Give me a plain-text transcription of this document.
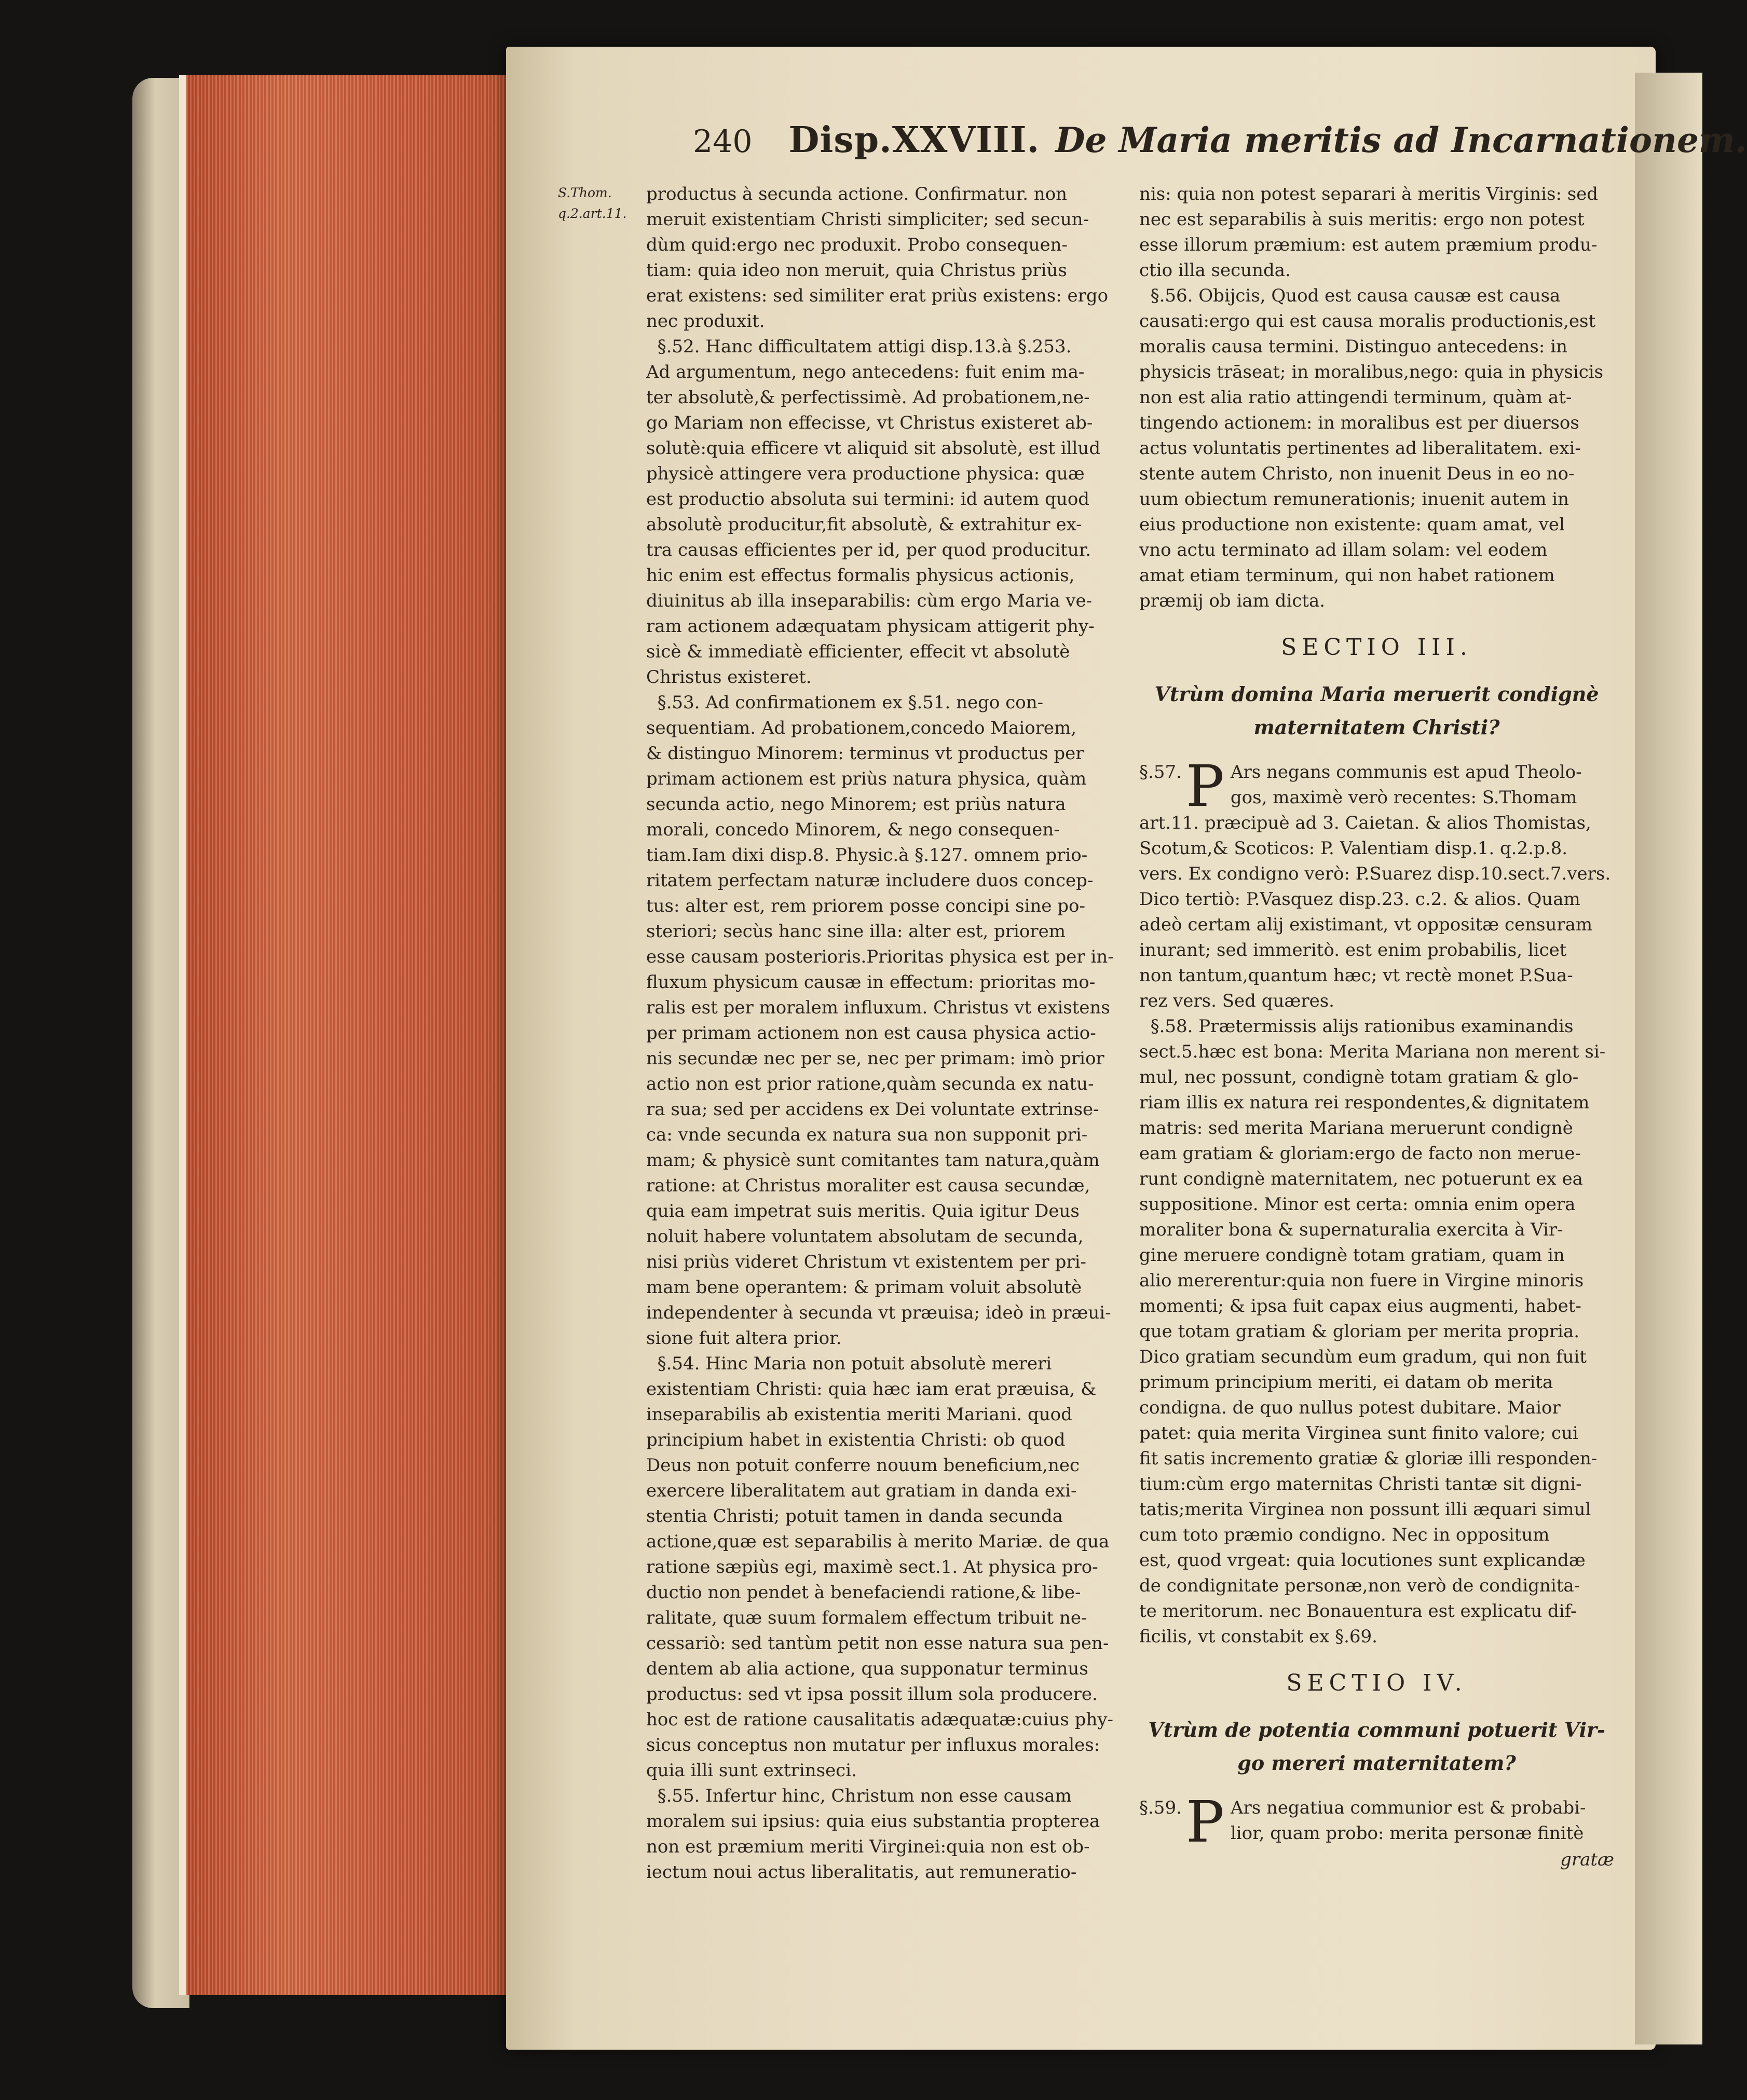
240 Disp.XXVIII. De Maria meritis ad Incarnationem.
S.Thom.
q.2.art.11.
productus à secunda actione. Confirmatur. non
meruit existentiam Christi simpliciter; sed secun-
dùm quid:ergo nec produxit. Probo consequen-
tiam: quia ideo non meruit, quia Christus priùs
erat existens: sed similiter erat priùs existens: ergo
nec produxit.
§.52. Hanc difficultatem attigi disp.13.à §.253.
Ad argumentum, nego antecedens: fuit enim ma-
ter absolutè,& perfectissimè. Ad probationem,ne-
go Mariam non effecisse, vt Christus existeret ab-
solutè:quia efficere vt aliquid sit absolutè, est illud
physicè attingere vera productione physica: quæ
est productio absoluta sui termini: id autem quod
absolutè producitur,fit absolutè, & extrahitur ex-
tra causas efficientes per id, per quod producitur.
hic enim est effectus formalis physicus actionis,
diuinitus ab illa inseparabilis: cùm ergo Maria ve-
ram actionem adæquatam physicam attigerit phy-
sicè & immediatè efficienter, effecit vt absolutè
Christus existeret.
§.53. Ad confirmationem ex §.51. nego con-
sequentiam. Ad probationem,concedo Maiorem,
& distinguo Minorem: terminus vt productus per
primam actionem est priùs natura physica, quàm
secunda actio, nego Minorem; est priùs natura
morali, concedo Minorem, & nego consequen-
tiam.Iam dixi disp.8. Physic.à §.127. omnem prio-
ritatem perfectam naturæ includere duos concep-
tus: alter est, rem priorem posse concipi sine po-
steriori; secùs hanc sine illa: alter est, priorem
esse causam posterioris.Prioritas physica est per in-
fluxum physicum causæ in effectum: prioritas mo-
ralis est per moralem influxum. Christus vt existens
per primam actionem non est causa physica actio-
nis secundæ nec per se, nec per primam: imò prior
actio non est prior ratione,quàm secunda ex natu-
ra sua; sed per accidens ex Dei voluntate extrinse-
ca: vnde secunda ex natura sua non supponit pri-
mam; & physicè sunt comitantes tam natura,quàm
ratione: at Christus moraliter est causa secundæ,
quia eam impetrat suis meritis. Quia igitur Deus
noluit habere voluntatem absolutam de secunda,
nisi priùs videret Christum vt existentem per pri-
mam bene operantem: & primam voluit absolutè
independenter à secunda vt præuisa; ideò in præui-
sione fuit altera prior.
§.54. Hinc Maria non potuit absolutè mereri
existentiam Christi: quia hæc iam erat præuisa, &
inseparabilis ab existentia meriti Mariani. quod
principium habet in existentia Christi: ob quod
Deus non potuit conferre nouum beneficium,nec
exercere liberalitatem aut gratiam in danda exi-
stentia Christi; potuit tamen in danda secunda
actione,quæ est separabilis à merito Mariæ. de qua
ratione sæpiùs egi, maximè sect.1. At physica pro-
ductio non pendet à benefaciendi ratione,& libe-
ralitate, quæ suum formalem effectum tribuit ne-
cessariò: sed tantùm petit non esse natura sua pen-
dentem ab alia actione, qua supponatur terminus
productus: sed vt ipsa possit illum sola producere.
hoc est de ratione causalitatis adæquatæ:cuius phy-
sicus conceptus non mutatur per influxus morales:
quia illi sunt extrinseci.
§.55. Infertur hinc, Christum non esse causam
moralem sui ipsius: quia eius substantia propterea
non est præmium meriti Virginei:quia non est ob-
iectum noui actus liberalitatis, aut remuneratio-
nis: quia non potest separari à meritis Virginis: sed
nec est separabilis à suis meritis: ergo non potest
esse illorum præmium: est autem præmium produ-
ctio illa secunda.
§.56. Obijcis, Quod est causa causæ est causa
causati:ergo qui est causa moralis productionis,est
moralis causa termini. Distinguo antecedens: in
physicis trāseat; in moralibus,nego: quia in physicis
non est alia ratio attingendi terminum, quàm at-
tingendo actionem: in moralibus est per diuersos
actus voluntatis pertinentes ad liberalitatem. exi-
stente autem Christo, non inuenit Deus in eo no-
uum obiectum remunerationis; inuenit autem in
eius productione non existente: quam amat, vel
vno actu terminato ad illam solam: vel eodem
amat etiam terminum, qui non habet rationem
præmij ob iam dicta.
SECTIO III.
Vtrùm domina Maria meruerit condignè
maternitatem Christi?
§.57. P Ars negans communis est apud Theolo-
gos, maximè verò recentes: S.Thomam
art.11. præcipuè ad 3. Caietan. & alios Thomistas,
Scotum,& Scoticos: P. Valentiam disp.1. q.2.p.8.
vers. Ex condigno verò: P.Suarez disp.10.sect.7.vers.
Dico tertiò: P.Vasquez disp.23. c.2. & alios. Quam
adeò certam alij existimant, vt oppositæ censuram
inurant; sed immeritò. est enim probabilis, licet
non tantum,quantum hæc; vt rectè monet P.Sua-
rez vers. Sed quæres.
§.58. Prætermissis alijs rationibus examinandis
sect.5.hæc est bona: Merita Mariana non merent si-
mul, nec possunt, condignè totam gratiam & glo-
riam illis ex natura rei respondentes,& dignitatem
matris: sed merita Mariana meruerunt condignè
eam gratiam & gloriam:ergo de facto non merue-
runt condignè maternitatem, nec potuerunt ex ea
suppositione. Minor est certa: omnia enim opera
moraliter bona & supernaturalia exercita à Vir-
gine meruere condignè totam gratiam, quam in
alio mererentur:quia non fuere in Virgine minoris
momenti; & ipsa fuit capax eius augmenti, habet-
que totam gratiam & gloriam per merita propria.
Dico gratiam secundùm eum gradum, qui non fuit
primum principium meriti, ei datam ob merita
condigna. de quo nullus potest dubitare. Maior
patet: quia merita Virginea sunt finito valore; cui
fit satis incremento gratiæ & gloriæ illi responden-
tium:cùm ergo maternitas Christi tantæ sit digni-
tatis;merita Virginea non possunt illi æquari simul
cum toto præmio condigno. Nec in oppositum
est, quod vrgeat: quia locutiones sunt explicandæ
de condignitate personæ,non verò de condignita-
te meritorum. nec Bonauentura est explicatu dif-
ficilis, vt constabit ex §.69.
SECTIO IV.
Vtrùm de potentia communi potuerit Vir-
go mereri maternitatem?
§.59. P Ars negatiua communior est & probabi-
lior, quam probo: merita personæ finitè
gratæ
